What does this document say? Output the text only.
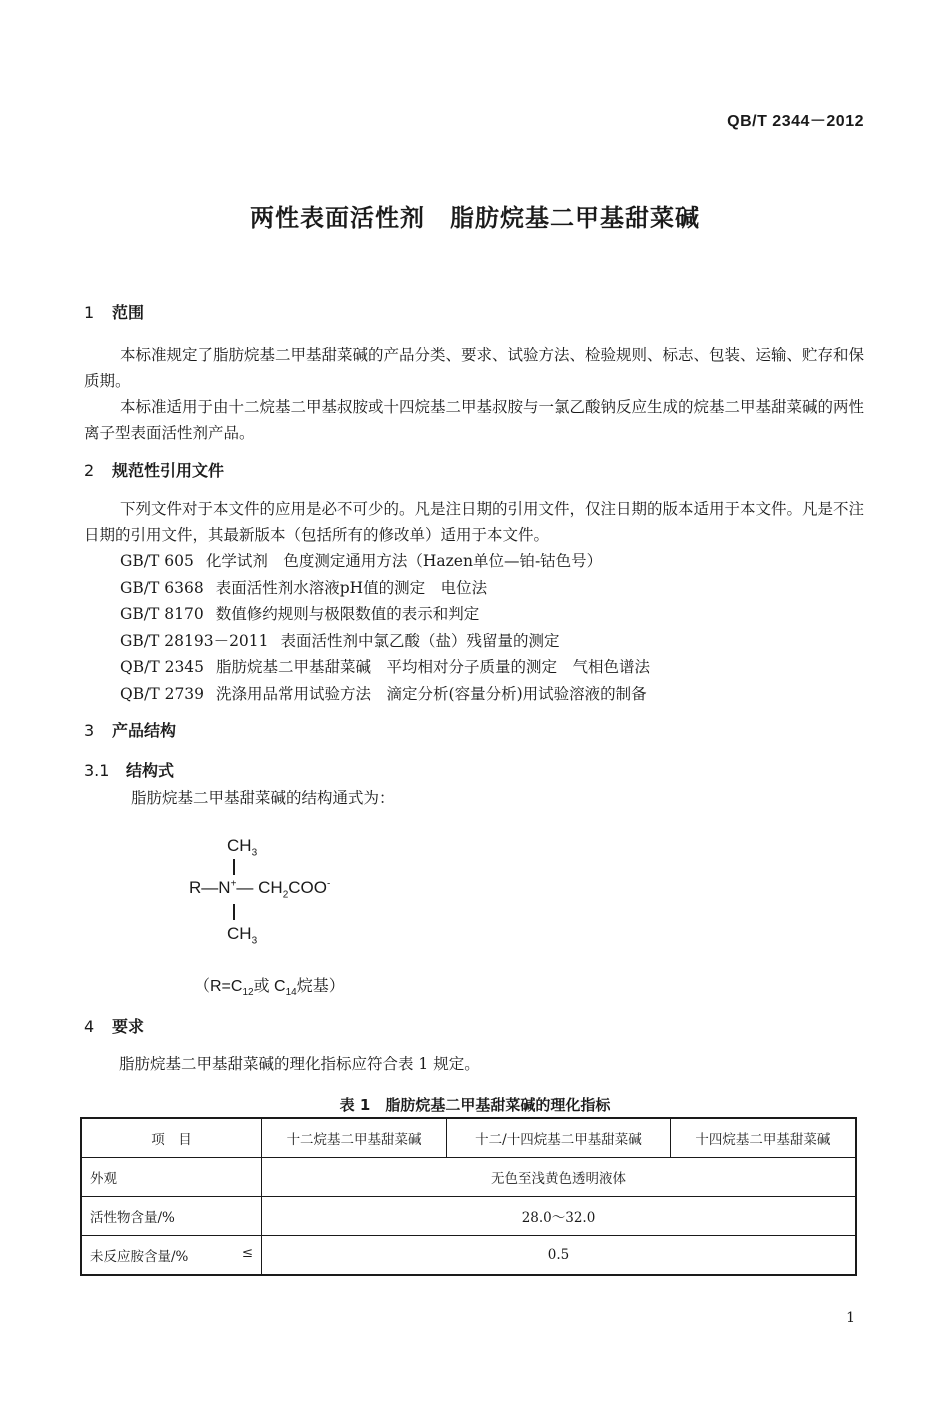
QB/T 2344－2012
两性表面活性剂　脂肪烷基二甲基甜菜碱
1 范围
本标准规定了脂肪烷基二甲基甜菜碱的产品分类、要求、试验方法、检验规则、标志、包装、运输、贮存和保质期。
本标准适用于由十二烷基二甲基叔胺或十四烷基二甲基叔胺与一氯乙酸钠反应生成的烷基二甲基甜菜碱的两性离子型表面活性剂产品。
2 规范性引用文件
下列文件对于本文件的应用是必不可少的。凡是注日期的引用文件，仅注日期的版本适用于本文件。凡是不注日期的引用文件，其最新版本（包括所有的修改单）适用于本文件。
GB/T 605 化学试剂　色度测定通用方法（Hazen单位—铂-钴色号）
GB/T 6368 表面活性剂水溶液pH值的测定　电位法
GB/T 8170 数值修约规则与极限数值的表示和判定
GB/T 28193－2011 表面活性剂中氯乙酸（盐）残留量的测定
QB/T 2345 脂肪烷基二甲基甜菜碱　平均相对分子质量的测定　气相色谱法
QB/T 2739 洗涤用品常用试验方法　滴定分析(容量分析)用试验溶液的制备
3 产品结构
3.1 结构式
脂肪烷基二甲基甜菜碱的结构通式为：
$CH_3$
R—N+— $CH_2COO^-$
$CH_3$
（$R=C_{12}$或 $C_{14}$烷基）
4 要求
脂肪烷基二甲基甜菜碱的理化指标应符合表 1 规定。
表 1　脂肪烷基二甲基甜菜碱的理化指标
项　目	十二烷基二甲基甜菜碱	十二/十四烷基二甲基甜菜碱	十四烷基二甲基甜菜碱
外观	无色至浅黄色透明液体		
活性物含量/%	28.0～32.0		
未反应胺含量/% ≤	0.5		
1
